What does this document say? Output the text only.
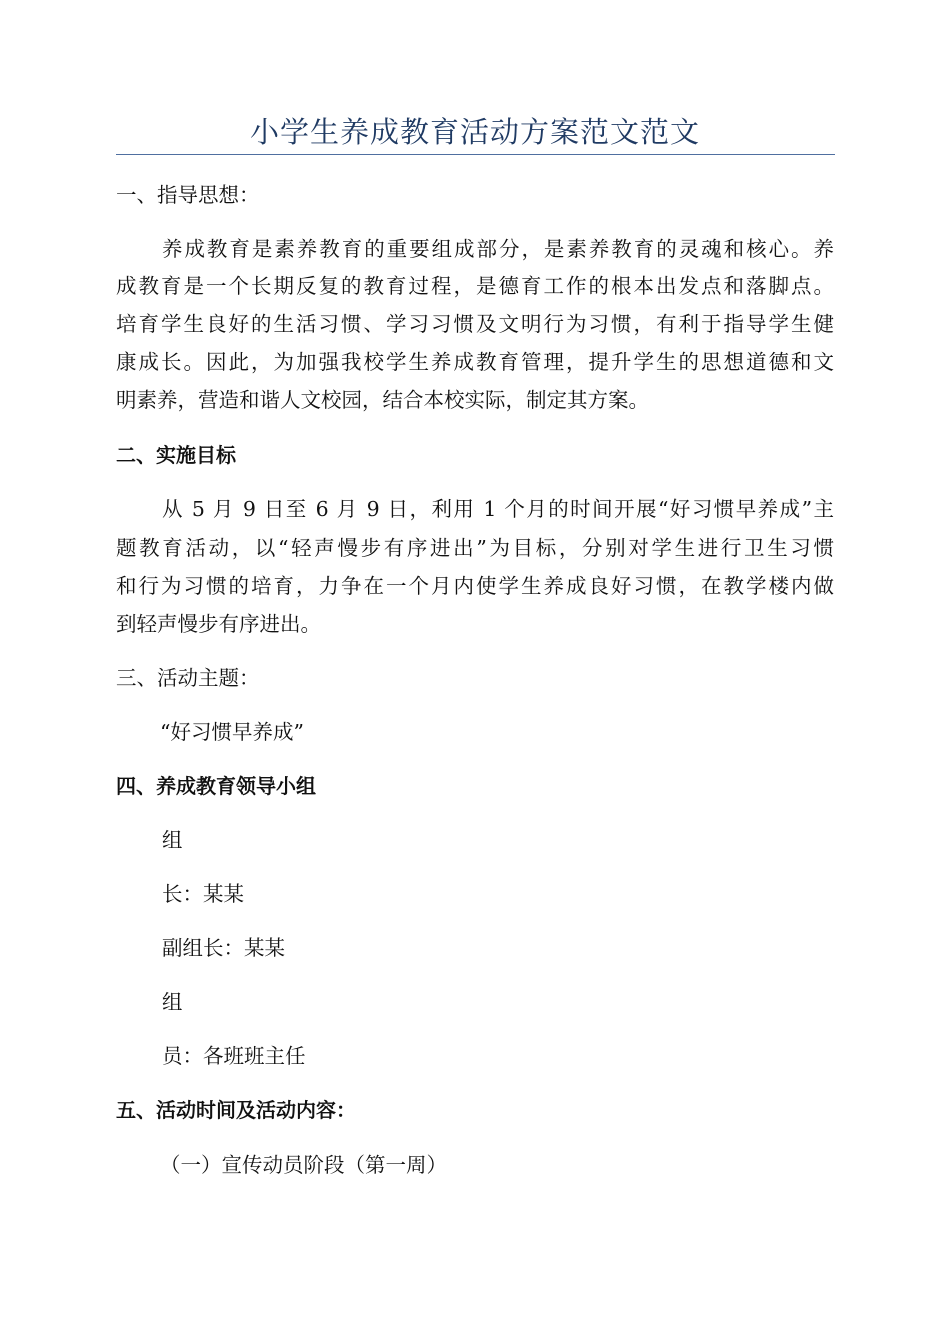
小学生养成教育活动方案范文范文
一、指导思想：
养成教育是素养教育的重要组成部分，是素养教育的灵魂和核心。养
成教育是一个长期反复的教育过程，是德育工作的根本出发点和落脚点。
培育学生良好的生活习惯、学习习惯及文明行为习惯，有利于指导学生健
康成长。因此，为加强我校学生养成教育管理，提升学生的思想道德和文
明素养，营造和谐人文校园，结合本校实际，制定其方案。
二、实施目标
从 5 月 9 日至 6 月 9 日，利用 1 个月的时间开展“好习惯早养成”主
题教育活动，以“轻声慢步有序进出”为目标，分别对学生进行卫生习惯
和行为习惯的培育，力争在一个月内使学生养成良好习惯，在教学楼内做
到轻声慢步有序进出。
三、活动主题：
“好习惯早养成”
四、养成教育领导小组
组
长：某某
副组长：某某
组
员：各班班主任
五、活动时间及活动内容：
（一）宣传动员阶段（第一周）
